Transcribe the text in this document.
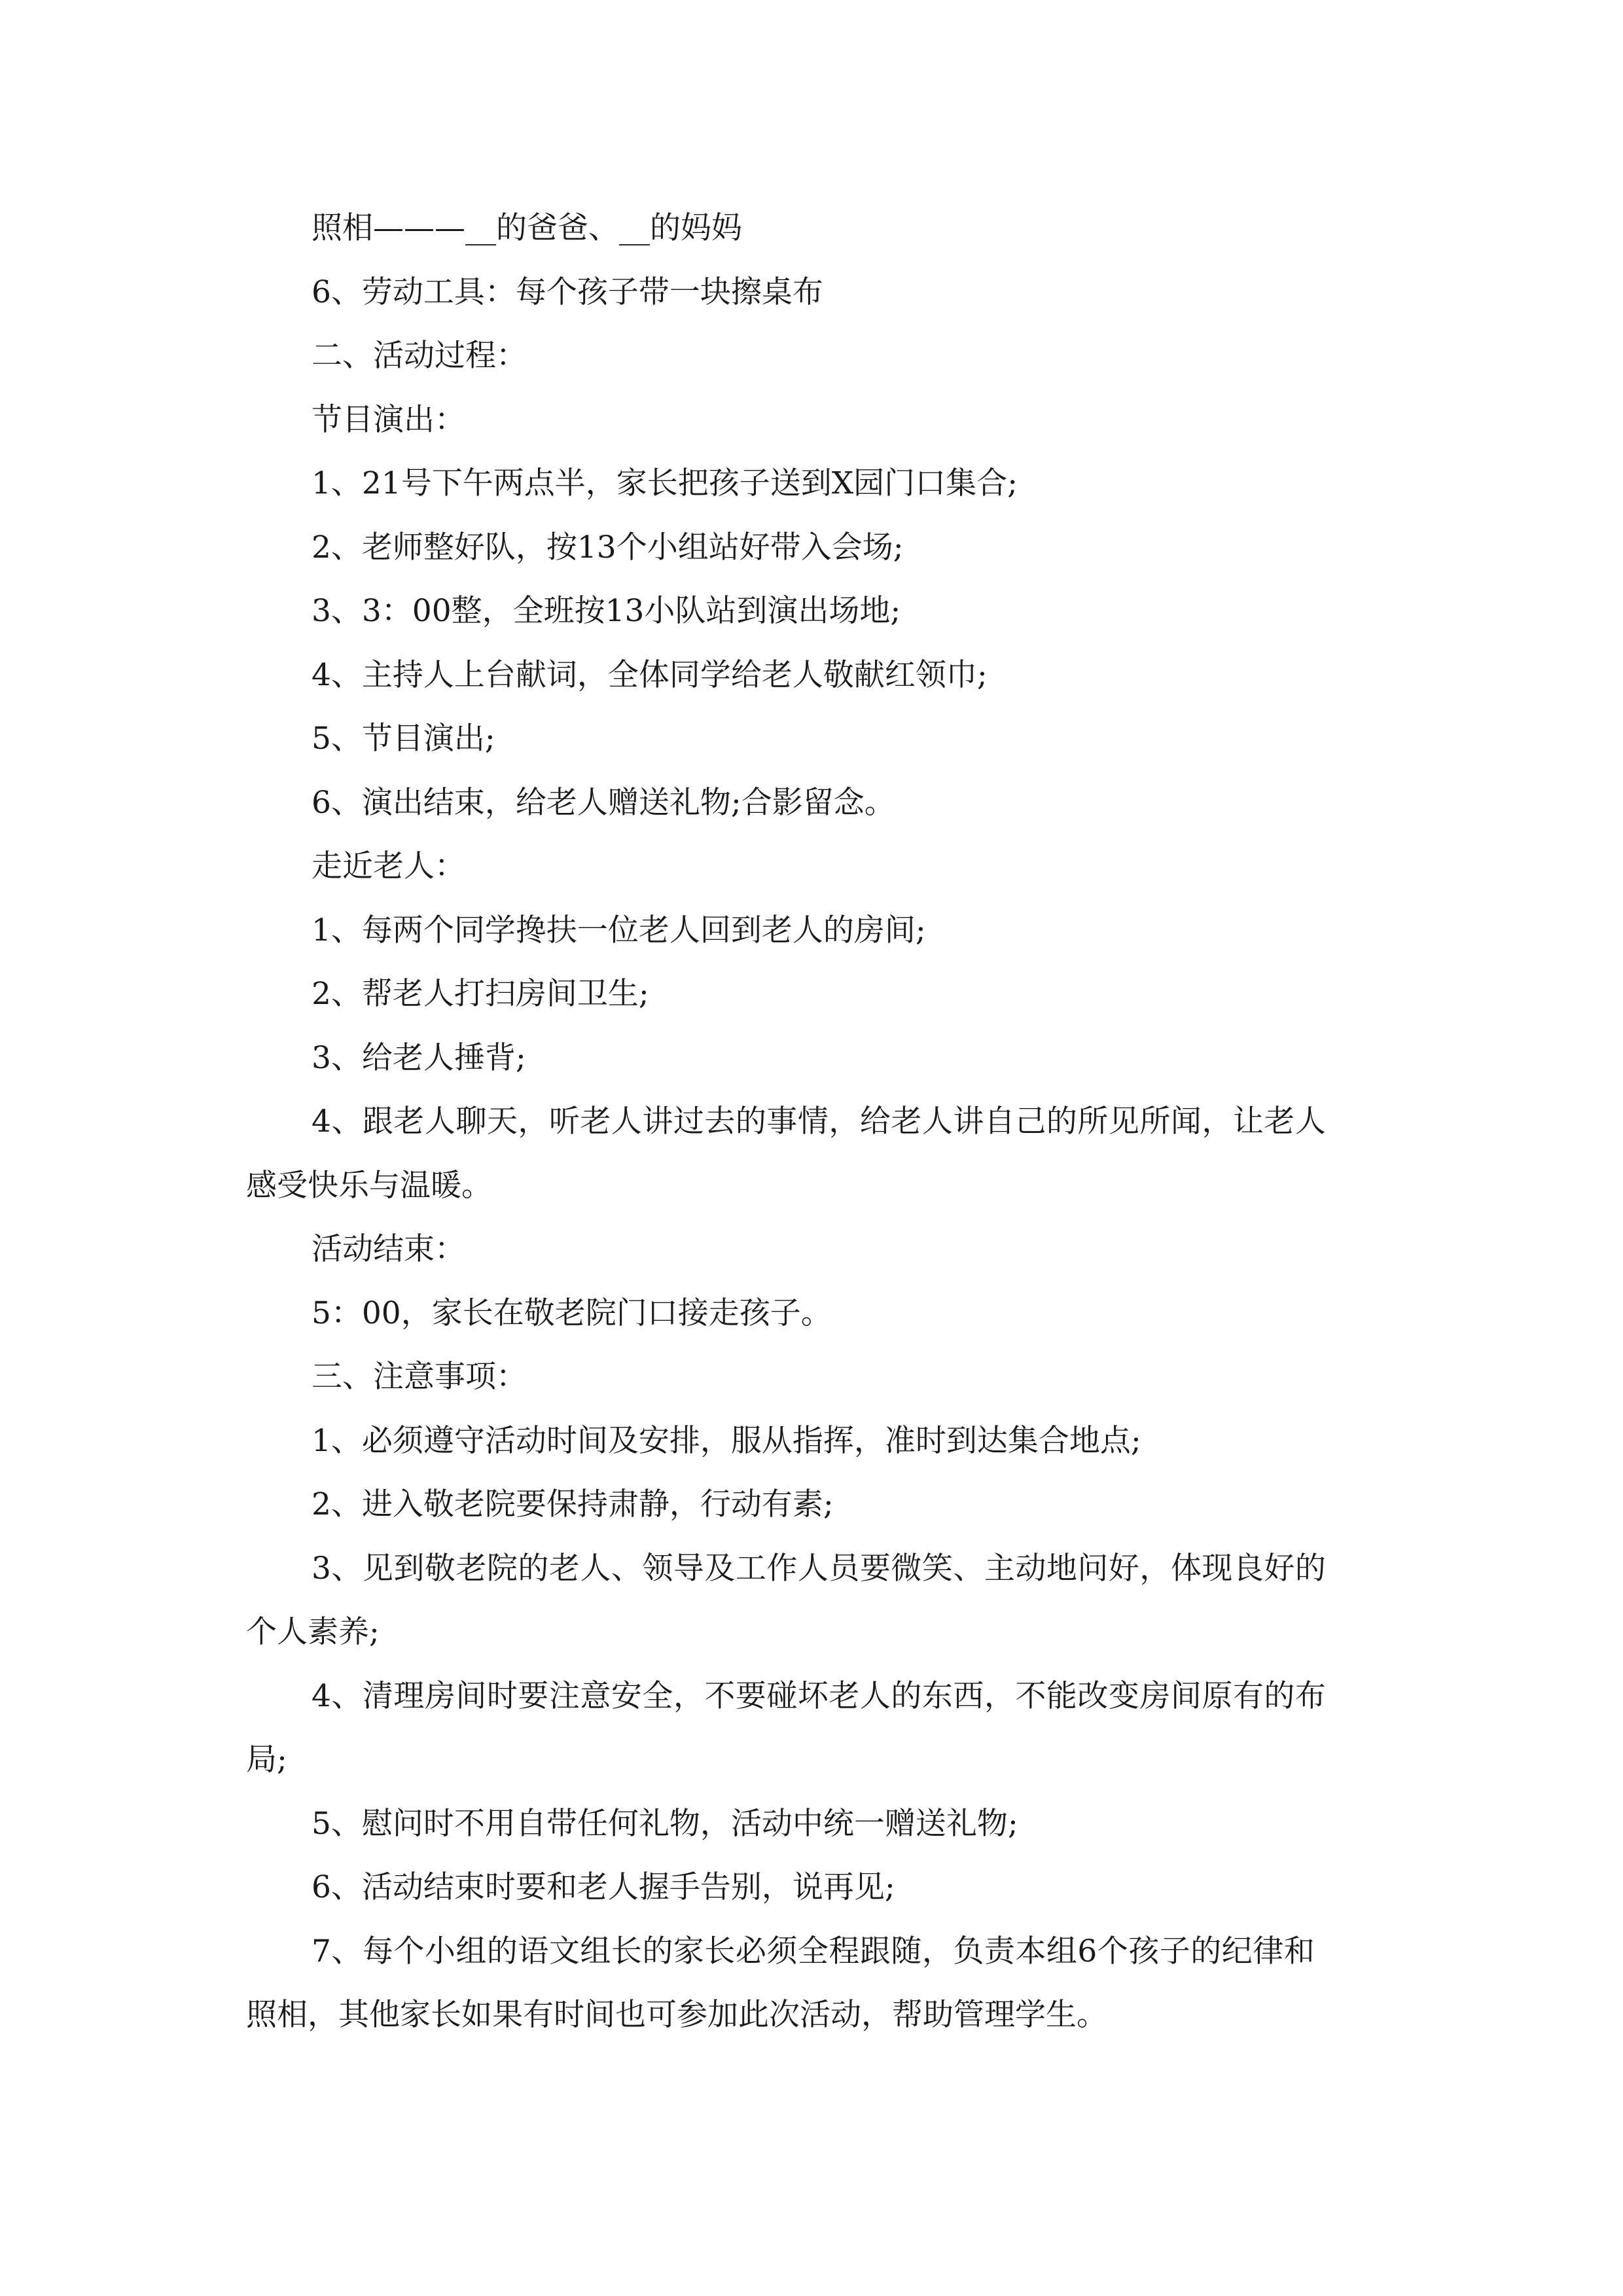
照相———__的爸爸、__的妈妈
6、劳动工具：每个孩子带一块擦桌布
二、活动过程：
节目演出：
1、21号下午两点半，家长把孩子送到X园门口集合;
2、老师整好队，按13个小组站好带入会场;
3、3：00整，全班按13小队站到演出场地;
4、主持人上台献词，全体同学给老人敬献红领巾;
5、节目演出;
6、演出结束，给老人赠送礼物;合影留念。
走近老人：
1、每两个同学搀扶一位老人回到老人的房间;
2、帮老人打扫房间卫生;
3、给老人捶背;
4、跟老人聊天，听老人讲过去的事情，给老人讲自己的所见所闻，让老人
感受快乐与温暖。
活动结束：
5：00，家长在敬老院门口接走孩子。
三、注意事项：
1、必须遵守活动时间及安排，服从指挥，准时到达集合地点;
2、进入敬老院要保持肃静，行动有素;
3、见到敬老院的老人、领导及工作人员要微笑、主动地问好，体现良好的
个人素养;
4、清理房间时要注意安全，不要碰坏老人的东西，不能改变房间原有的布
局;
5、慰问时不用自带任何礼物，活动中统一赠送礼物;
6、活动结束时要和老人握手告别，说再见;
7、每个小组的语文组长的家长必须全程跟随，负责本组6个孩子的纪律和
照相，其他家长如果有时间也可参加此次活动，帮助管理学生。
